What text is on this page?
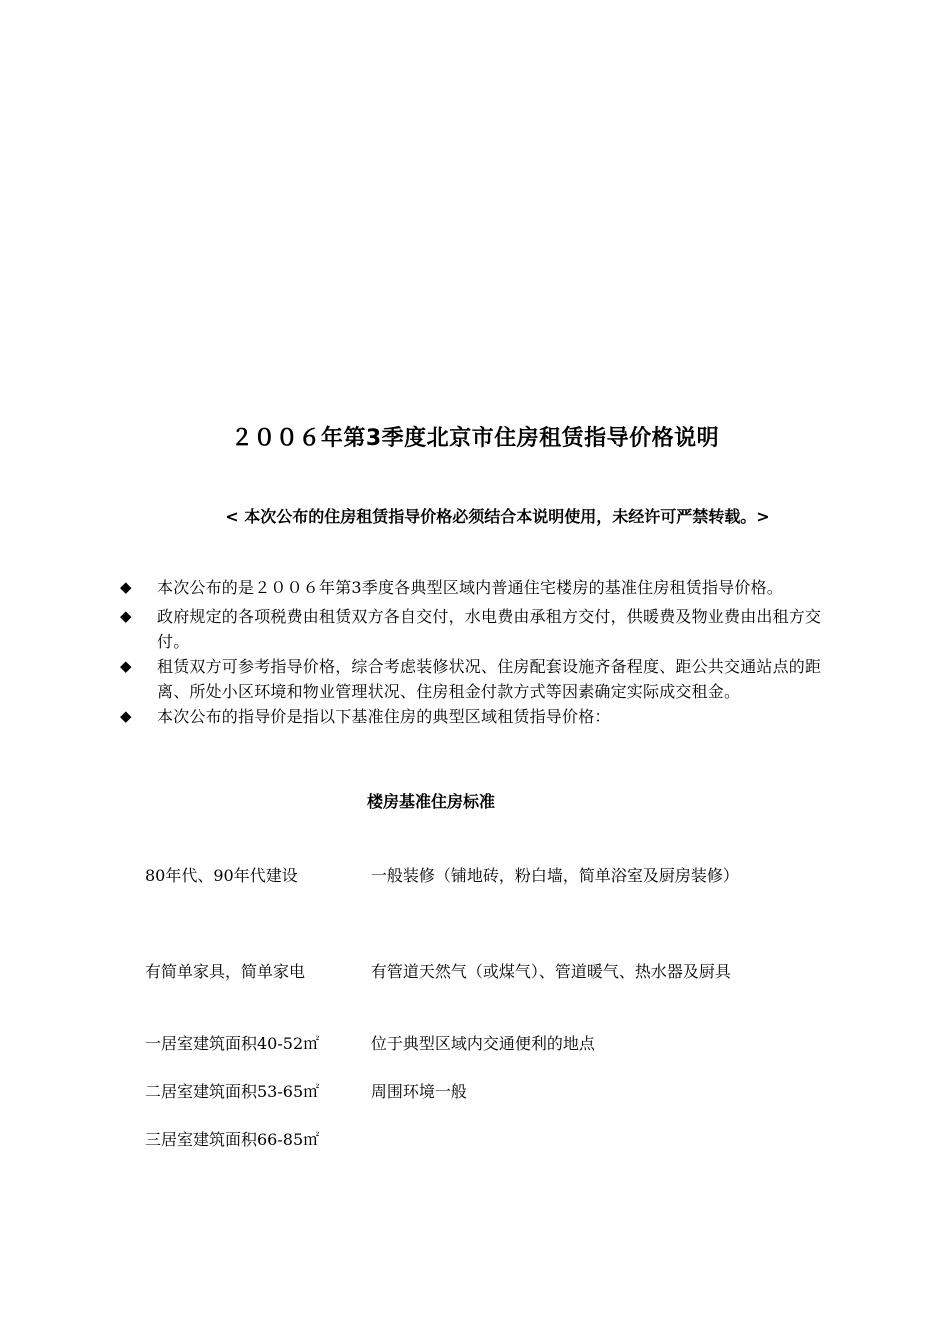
２００６年第3季度北京市住房租赁指导价格说明
< 本次公布的住房租赁指导价格必须结合本说明使用，未经许可严禁转载。>
◆ 本次公布的是２００６年第3季度各典型区域内普通住宅楼房的基准住房租赁指导价格。
◆ 政府规定的各项税费由租赁双方各自交付，水电费由承租方交付，供暖费及物业费由出租方交付。
◆ 租赁双方可参考指导价格，综合考虑装修状况、住房配套设施齐备程度、距公共交通站点的距离、所处小区环境和物业管理状况、住房租金付款方式等因素确定实际成交租金。
◆ 本次公布的指导价是指以下基准住房的典型区域租赁指导价格：
楼房基准住房标准
80年代、90年代建设	一般装修（铺地砖，粉白墙，简单浴室及厨房装修）
有简单家具，简单家电	有管道天然气（或煤气）、管道暖气、热水器及厨具
一居室建筑面积40-52㎡	位于典型区域内交通便利的地点
二居室建筑面积53-65㎡	周围环境一般
三居室建筑面积66-85㎡	
